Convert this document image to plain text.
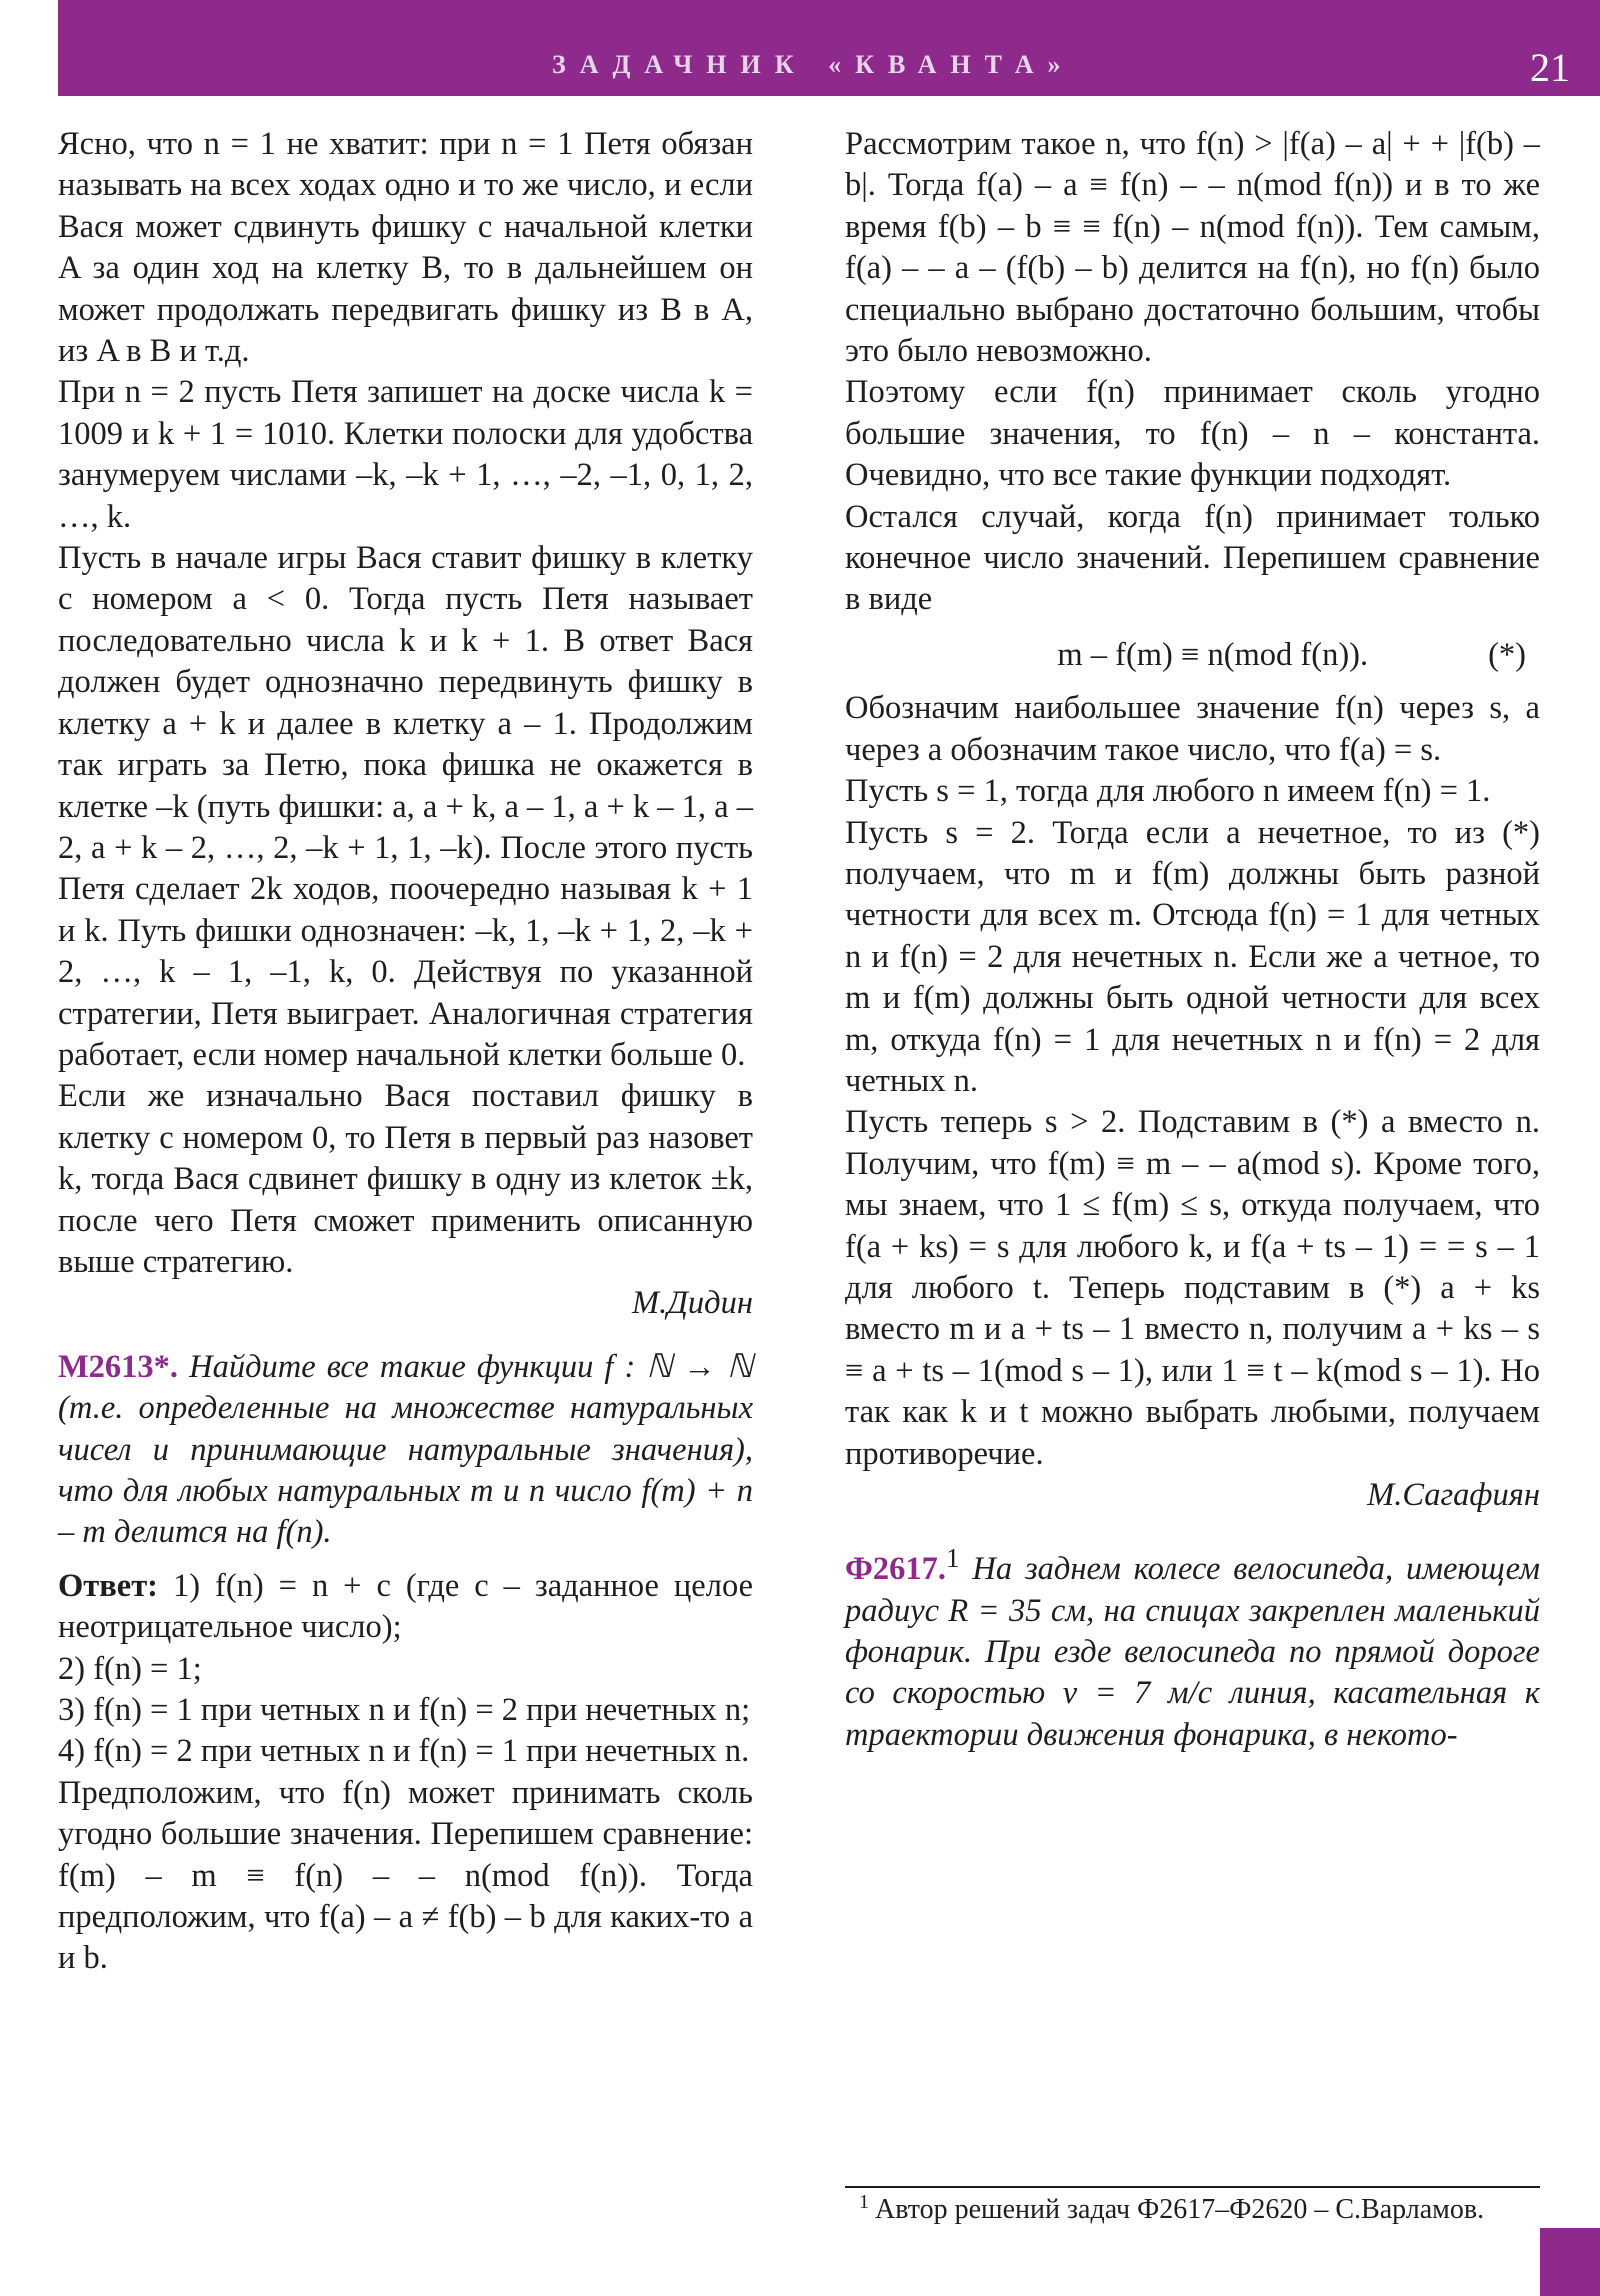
ЗАДАЧНИК «КВАНТА»	21

Ясно, что n = 1 не хватит: при n = 1 Петя обязан называть на всех ходах одно и то же число, и если Вася может сдвинуть фишку с начальной клетки A за один ход на клетку B, то в дальнейшем он может продолжать передвигать фишку из B в A, из A в B и т.д.

При n = 2 пусть Петя запишет на доске числа k = 1009 и k + 1 = 1010. Клетки полоски для удобства занумеруем числами –k, –k + 1, …, –2, –1, 0, 1, 2, …, k.

Пусть в начале игры Вася ставит фишку в клетку с номером a < 0. Тогда пусть Петя называет последовательно числа k и k + 1. В ответ Вася должен будет однозначно передвинуть фишку в клетку a + k и далее в клетку a – 1. Продолжим так играть за Петю, пока фишка не окажется в клетке –k (путь фишки: a, a + k, a – 1, a + k – 1, a – 2, a + k – 2, …, 2, –k + 1, 1, –k). После этого пусть Петя сделает 2k ходов, поочередно называя k + 1 и k. Путь фишки однозначен: –k, 1, –k + 1, 2, –k + 2, …, k – 1, –1, k, 0. Действуя по указанной стратегии, Петя выиграет. Аналогичная стратегия работает, если номер начальной клетки больше 0.

Если же изначально Вася поставил фишку в клетку с номером 0, то Петя в первый раз назовет k, тогда Вася сдвинет фишку в одну из клеток ±k, после чего Петя сможет применить описанную выше стратегию.

М.Дидин

М2613*. Найдите все такие функции f : ℕ → ℕ (т.е. определенные на множестве натуральных чисел и принимающие натуральные значения), что для любых натуральных m и n число f(m) + n – m делится на f(n).

Ответ: 1) f(n) = n + c (где c – заданное целое неотрицательное число);

2) f(n) = 1;

3) f(n) = 1 при четных n и f(n) = 2 при нечетных n;

4) f(n) = 2 при четных n и f(n) = 1 при нечетных n.

Предположим, что f(n) может принимать сколь угодно большие значения. Перепишем сравнение: f(m) – m ≡ f(n) – – n(mod f(n)). Тогда предположим, что f(a) – a ≠ f(b) – b для каких-то a и b.

Рассмотрим такое n, что f(n) > |f(a) – a| + + |f(b) – b|. Тогда f(a) – a ≡ f(n) – – n(mod f(n)) и в то же время f(b) – b ≡ ≡ f(n) – n(mod f(n)). Тем самым, f(a) – – a – (f(b) – b) делится на f(n), но f(n) было специально выбрано достаточно большим, чтобы это было невозможно.

Поэтому если f(n) принимает сколь угодно большие значения, то f(n) – n – константа. Очевидно, что все такие функции подходят.

Остался случай, когда f(n) принимает только конечное число значений. Перепишем сравнение в виде

m – f(m) ≡ n(mod f(n)).	(*)

Обозначим наибольшее значение f(n) через s, а через a обозначим такое число, что f(a) = s.

Пусть s = 1, тогда для любого n имеем f(n) = 1.

Пусть s = 2. Тогда если a нечетное, то из (*) получаем, что m и f(m) должны быть разной четности для всех m. Отсюда f(n) = 1 для четных n и f(n) = 2 для нечетных n. Если же a четное, то m и f(m) должны быть одной четности для всех m, откуда f(n) = 1 для нечетных n и f(n) = 2 для четных n.

Пусть теперь s > 2. Подставим в (*) a вместо n. Получим, что f(m) ≡ m – – a(mod s). Кроме того, мы знаем, что 1 ≤ f(m) ≤ s, откуда получаем, что f(a + ks) = s для любого k, и f(a + ts – 1) = = s – 1 для любого t. Теперь подставим в (*) a + ks вместо m и a + ts – 1 вместо n, получим a + ks – s ≡ a + ts – 1(mod s – 1), или 1 ≡ t – k(mod s – 1). Но так как k и t можно выбрать любыми, получаем противоречие.

М.Сагафиян

Ф2617.$^1$ На заднем колесе велосипеда, имеющем радиус R = 35 см, на спицах закреплен маленький фонарик. При езде велосипеда по прямой дороге со скоростью v = 7 м/с линия, касательная к траектории движения фонарика, в некото-

$^1$ Автор решений задач Ф2617–Ф2620 – С.Варламов.
